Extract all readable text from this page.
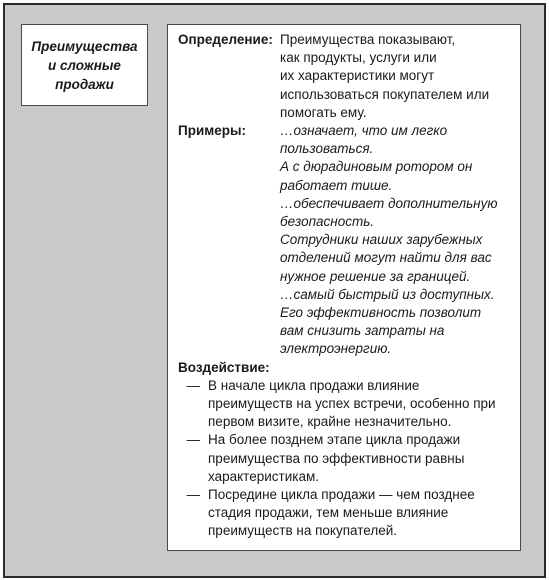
Преимущества
и сложные
продажи
Определение: Преимущества показывают,
как продукты, услуги или
их характеристики могут
использоваться покупателем или
помогать ему.
Примеры:	…означает, что им легко
пользоваться.
А с дюрадиновым ротором он
работает тише.
…обеспечивает дополнительную
безопасность.
Сотрудники наших зарубежных
отделений могут найти для вас
нужное решение за границей.
…самый быстрый из доступных.
Его эффективность позволит
вам снизить затраты на
электроэнергию.
Воздействие:
— В начале цикла продажи влияние
преимуществ на успех встречи, особенно при
первом визите, крайне незначительно.
— На более позднем этапе цикла продажи
преимущества по эффективности равны
характеристикам.
— Посредине цикла продажи — чем позднее
стадия продажи, тем меньше влияние
преимуществ на покупателей.
